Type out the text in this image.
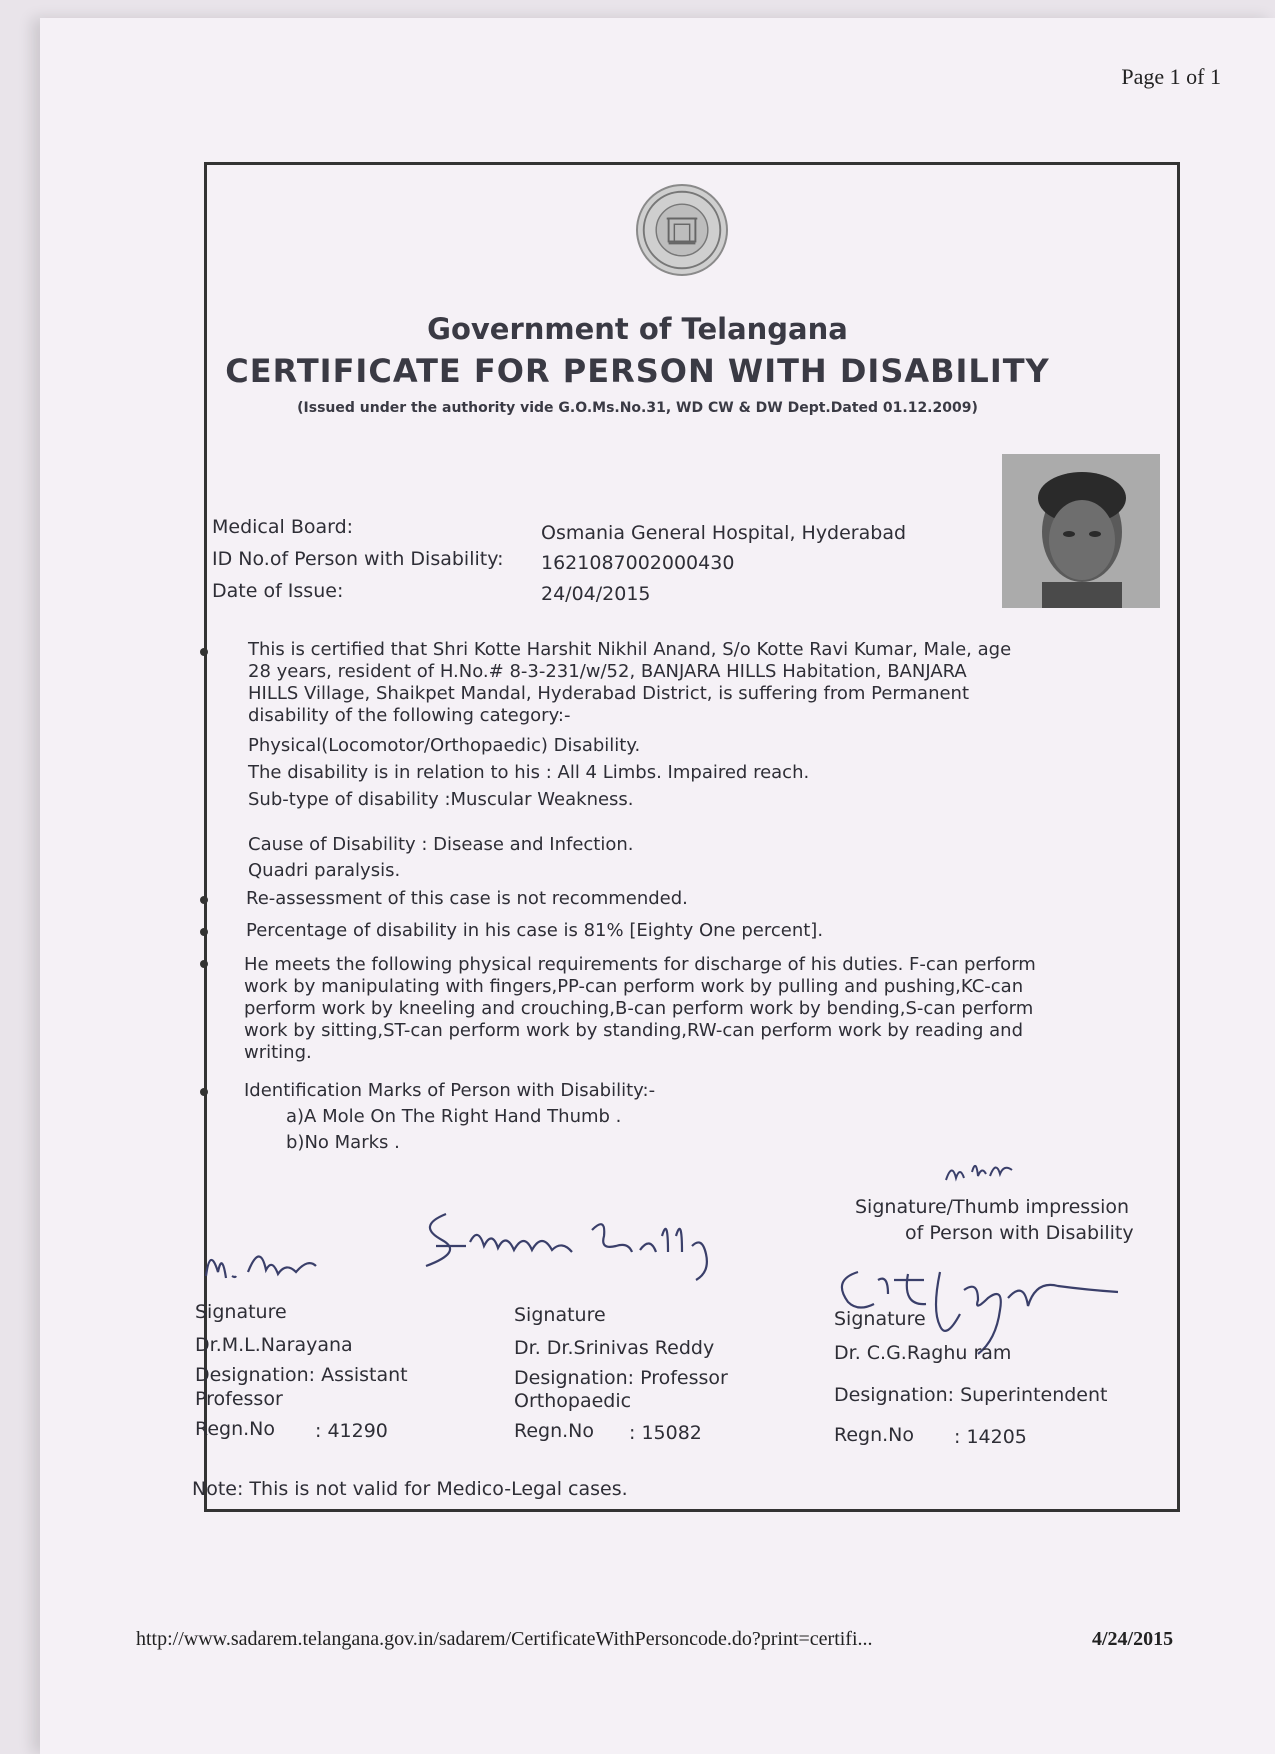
Page 1 of 1
Government of Telangana
CERTIFICATE FOR PERSON WITH DISABILITY
(Issued under the authority vide G.O.Ms.No.31, WD CW & DW Dept.Dated 01.12.2009)
Medical Board:	Osmania General Hospital, Hyderabad
ID No.of Person with Disability: 1621087002000430
Date of Issue:	24/04/2015
This is certified that Shri Kotte Harshit Nikhil Anand, S/o Kotte Ravi Kumar, Male, age
28 years, resident of H.No.# 8-3-231/w/52, BANJARA HILLS Habitation, BANJARA
HILLS Village, Shaikpet Mandal, Hyderabad District, is suffering from Permanent
disability of the following category:-
Physical(Locomotor/Orthopaedic) Disability.
The disability is in relation to his : All 4 Limbs. Impaired reach.
Sub-type of disability :Muscular Weakness.
Cause of Disability : Disease and Infection.
Quadri paralysis.
Re-assessment of this case is not recommended.
Percentage of disability in his case is 81% [Eighty One percent].
He meets the following physical requirements for discharge of his duties. F-can perform
work by manipulating with fingers,PP-can perform work by pulling and pushing,KC-can
perform work by kneeling and crouching,B-can perform work by bending,S-can perform
work by sitting,ST-can perform work by standing,RW-can perform work by reading and
writing.
Identification Marks of Person with Disability:-
a)A Mole On The Right Hand Thumb .
b)No Marks .
Signature/Thumb impression
of Person with Disability
Signature
Dr.M.L.Narayana
Designation: Assistant
Professor
Regn.No : 41290
Signature
Dr. Dr.Srinivas Reddy
Designation: Professor
Orthopaedic
Regn.No : 15082
Signature
Dr. C.G.Raghu ram
Designation: Superintendent
Regn.No : 14205
Note: This is not valid for Medico-Legal cases.
http://www.sadarem.telangana.gov.in/sadarem/CertificateWithPersoncode.do?print=certifi...	4/24/2015
